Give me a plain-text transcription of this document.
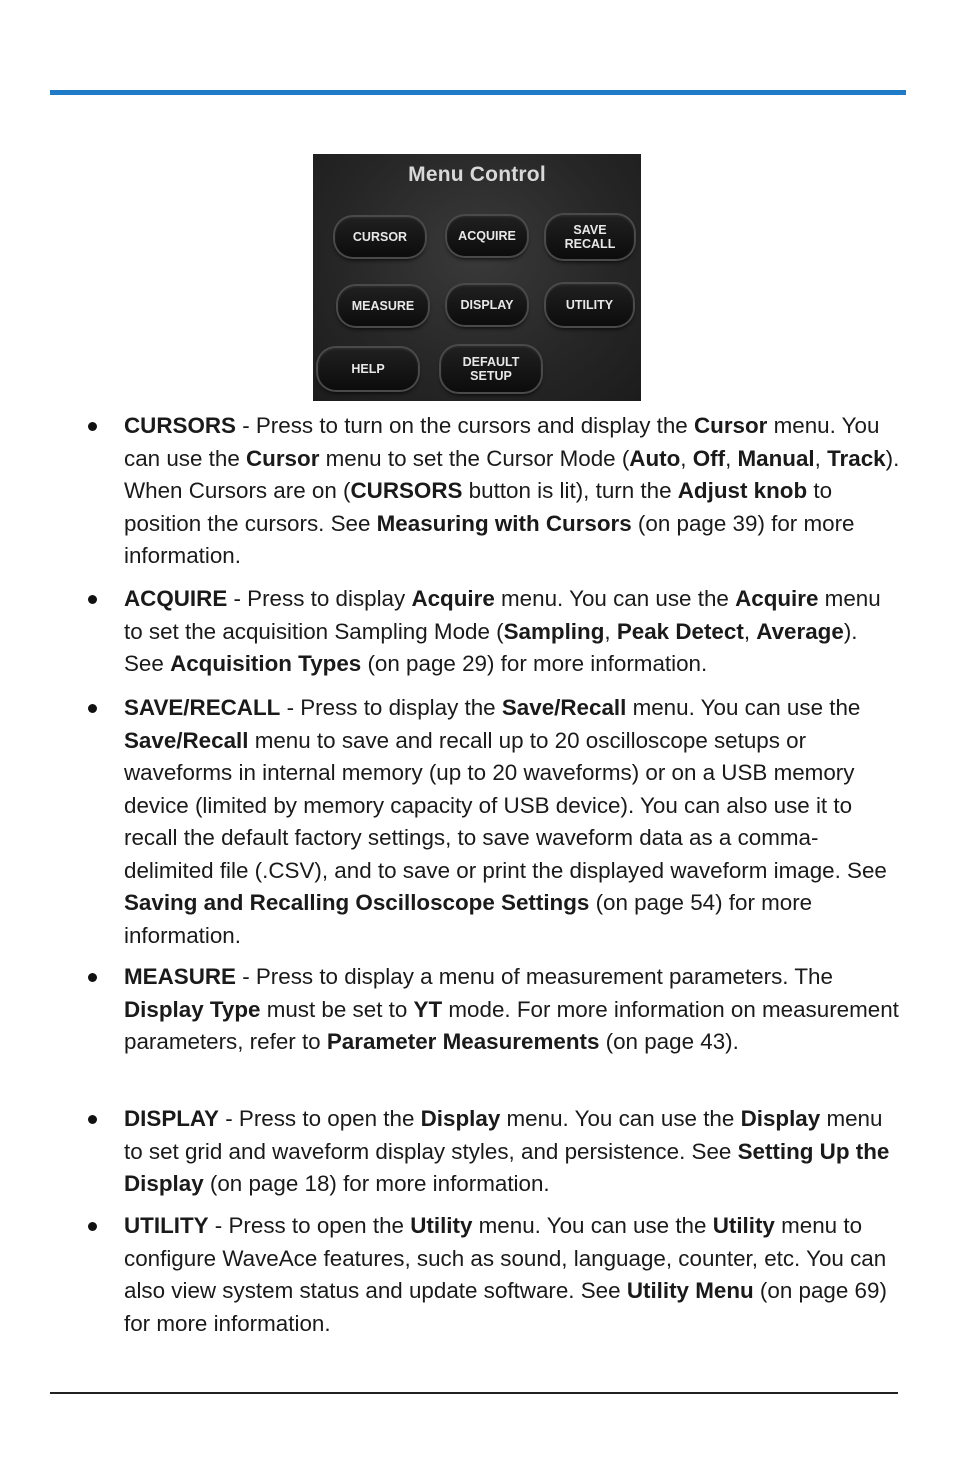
Menu Control
CURSOR	ACQUIRE	SAVE
RECALL
MEASURE	DISPLAY	UTILITY
HELP	DEFAULT
SETUP
CURSORS - Press to turn on the cursors and display the Cursor menu. You can use the Cursor menu to set the Cursor Mode (Auto, Off, Manual, Track). When Cursors are on (CURSORS button is lit), turn the Adjust knob to position the cursors. See Measuring with Cursors (on page 39) for more information.
ACQUIRE - Press to display Acquire menu. You can use the Acquire menu to set the acquisition Sampling Mode (Sampling, Peak Detect, Average). See Acquisition Types (on page 29) for more information.
SAVE/RECALL - Press to display the Save/Recall menu. You can use the Save/Recall menu to save and recall up to 20 oscilloscope setups or waveforms in internal memory (up to 20 waveforms) or on a USB memory device (limited by memory capacity of USB device). You can also use it to recall the default factory settings, to save waveform data as a comma-delimited file (.CSV), and to save or print the displayed waveform image. See Saving and Recalling Oscilloscope Settings (on page 54) for more information.
MEASURE - Press to display a menu of measurement parameters. The Display Type must be set to YT mode. For more information on measurement parameters, refer to Parameter Measurements (on page 43).
DISPLAY - Press to open the Display menu. You can use the Display menu to set grid and waveform display styles, and persistence. See Setting Up the Display (on page 18) for more information.
UTILITY - Press to open the Utility menu. You can use the Utility menu to configure WaveAce features, such as sound, language, counter, etc. You can also view system status and update software. See Utility Menu (on page 69) for more information.
